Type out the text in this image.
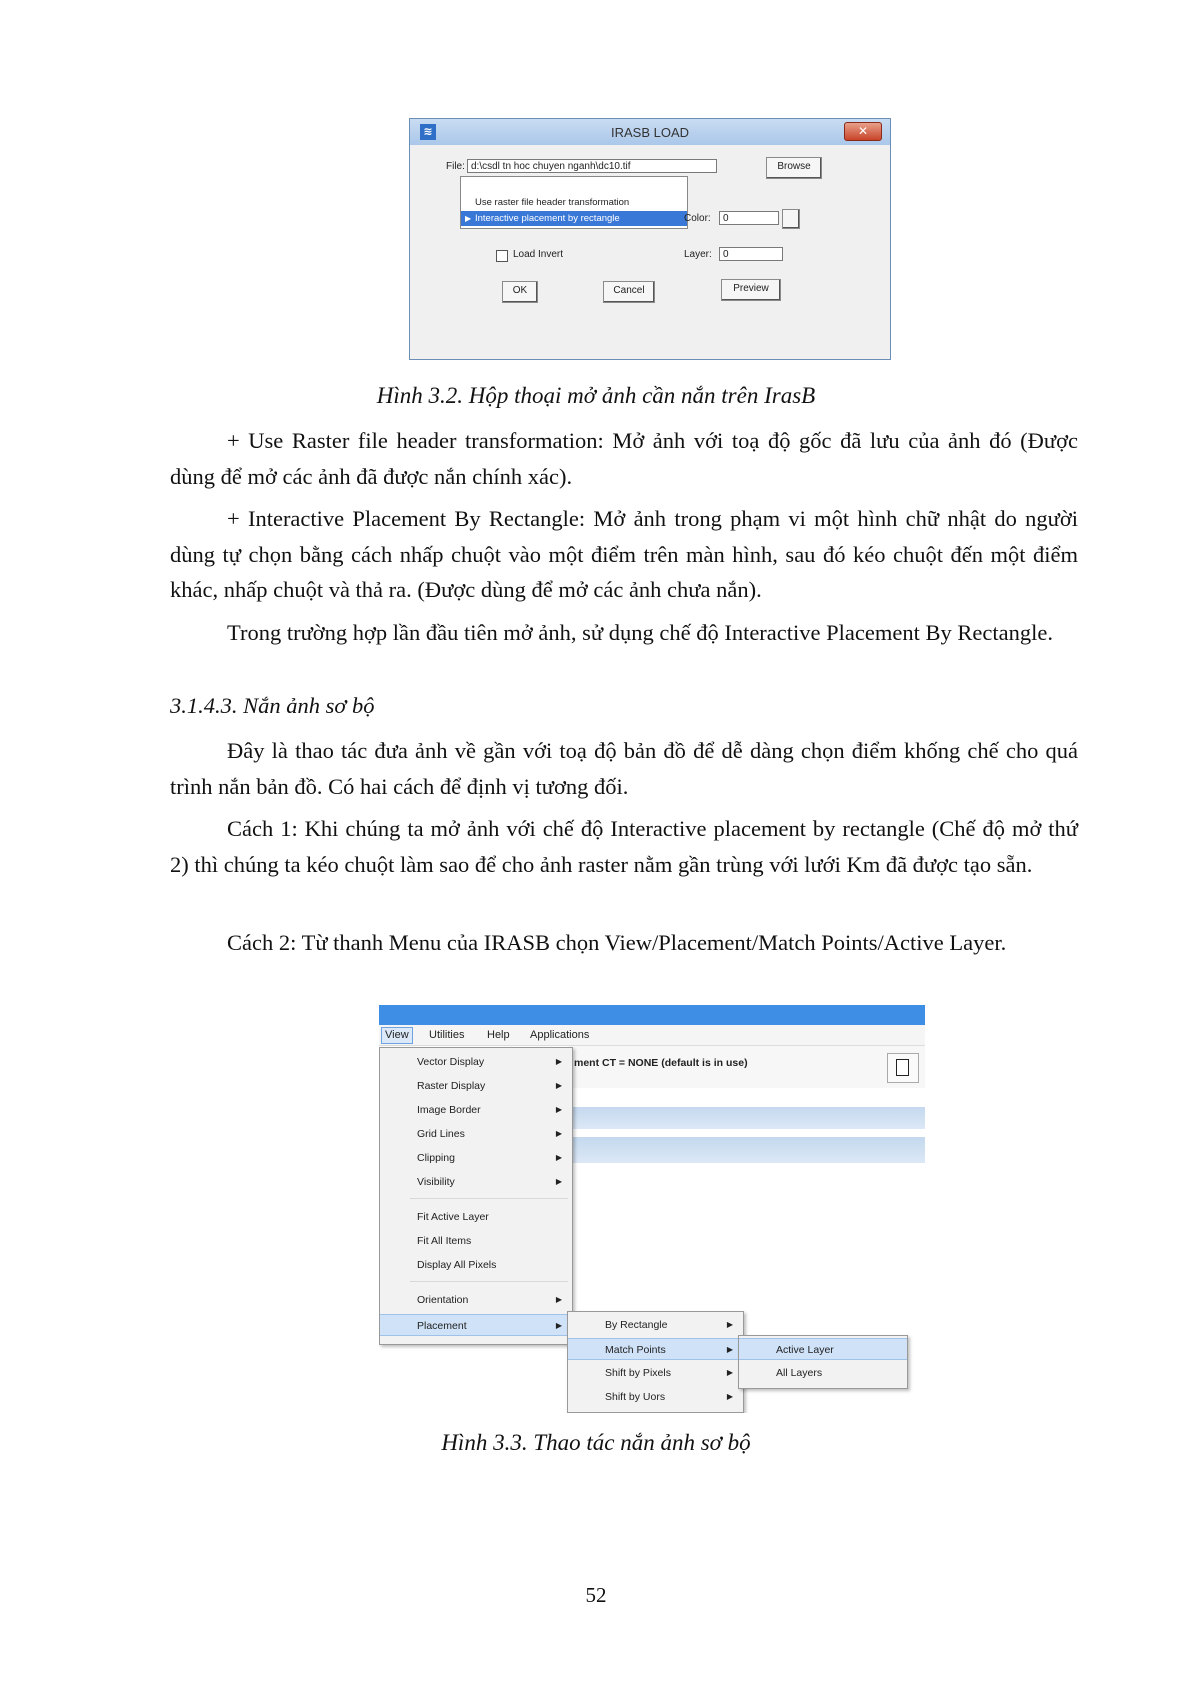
≋	IRASB LOAD	✕
File: d:\csdl tn hoc chuyen nganh\dc10.tif	Browse
Use raster file header transformation
▶ Interactive placement by rectangle	Color:	0
Load Invert	Layer:	0
OK	Cancel	Preview
Hình 3.2. Hộp thoại mở ảnh cần nắn trên IrasB
+ Use Raster file header transformation: Mở ảnh với toạ độ gốc đã lưu của ảnh đó (Được dùng để mở các ảnh đã được nắn chính xác).
+ Interactive Placement By Rectangle: Mở ảnh trong phạm vi một hình chữ nhật do người dùng tự chọn bằng cách nhấp chuột vào một điểm trên màn hình, sau đó kéo chuột đến một điểm khác, nhấp chuột và thả ra. (Được dùng để mở các ảnh chưa nắn).
Trong trường hợp lần đầu tiên mở ảnh, sử dụng chế độ Interactive Placement By Rectangle.
3.1.4.3. Nắn ảnh sơ bộ
Đây là thao tác đưa ảnh về gần với toạ độ bản đồ để dễ dàng chọn điểm khống chế cho quá trình nắn bản đồ. Có hai cách để định vị tương đối.
Cách 1: Khi chúng ta mở ảnh với chế độ Interactive placement by rectangle (Chế độ mở thứ 2) thì chúng ta kéo chuột làm sao để cho ảnh raster nằm gần trùng với lưới Km đã được tạo sẵn.
Cách 2: Từ thanh Menu của IRASB chọn View/Placement/Match Points/Active Layer.
View	Utilities Help Applications
ment CT = NONE (default is in use)
Vector Display	▶
Raster Display	▶
Image Border	▶
Grid Lines	▶
Clipping	▶
Visibility	▶
Fit Active Layer
Fit All Items
Display All Pixels
Orientation	▶
Placement	▶	By Rectangle	▶
Match Points	▶
Shift by Pixels	▶
Shift by Uors	▶
Active Layer
All Layers
Hình 3.3. Thao tác nắn ảnh sơ bộ
52
